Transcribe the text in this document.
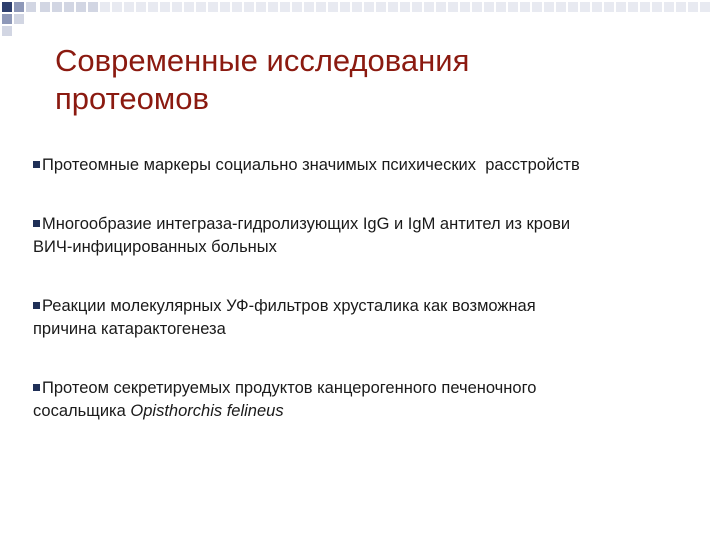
Современные исследования
протеомов
Протеомные маркеры социально значимых психических  расстройств
Многообразие интеграза-гидролизующих IgG и IgM антител из крови
ВИЧ-инфицированных больных
Реакции молекулярных УФ-фильтров хрусталика как возможная
причина катарактогенеза
Протеом секретируемых продуктов канцерогенного печеночного
сосальщика Opisthorchis felineus
